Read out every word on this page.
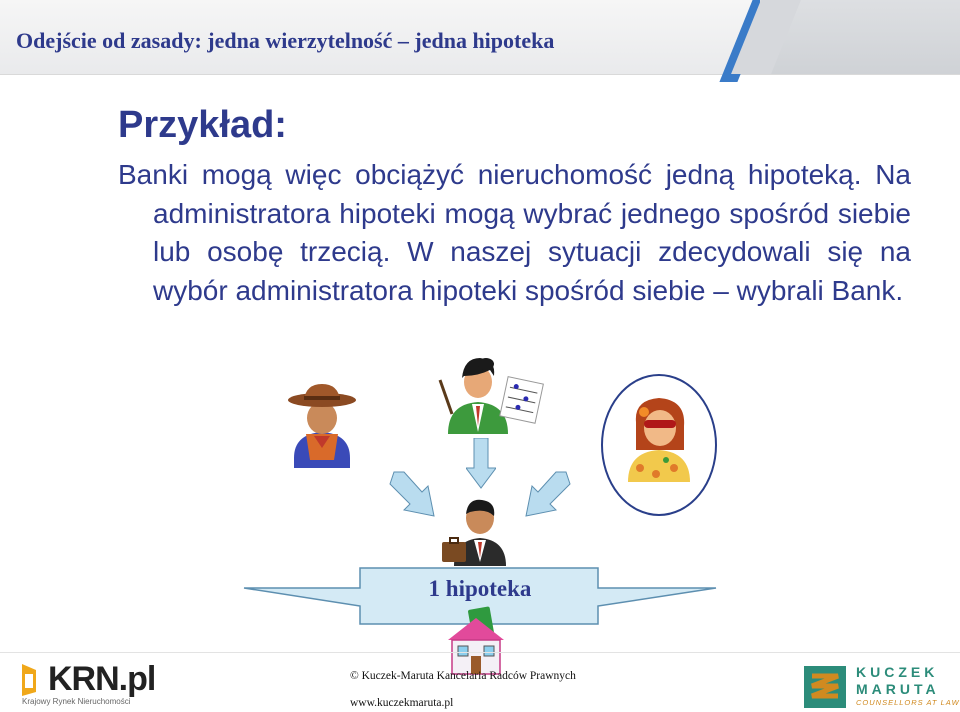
Odejście od zasady: jedna wierzytelność – jedna hipoteka
Przykład:
Banki mogą więc obciążyć nieruchomość jedną hipoteką. Na administratora hipoteki mogą wybrać jednego spośród siebie lub osobę trzecią. W naszej sytuacji zdecydowali się na wybór administratora hipoteki spośród siebie – wybrali Bank.
1 hipoteka
KRN.pl
Krajowy Rynek Nieruchomości
© Kuczek-Maruta Kancelaria Radców Prawnych
www.kuczekmaruta.pl
KUCZEK
MARUTA
COUNSELLORS AT LAW
